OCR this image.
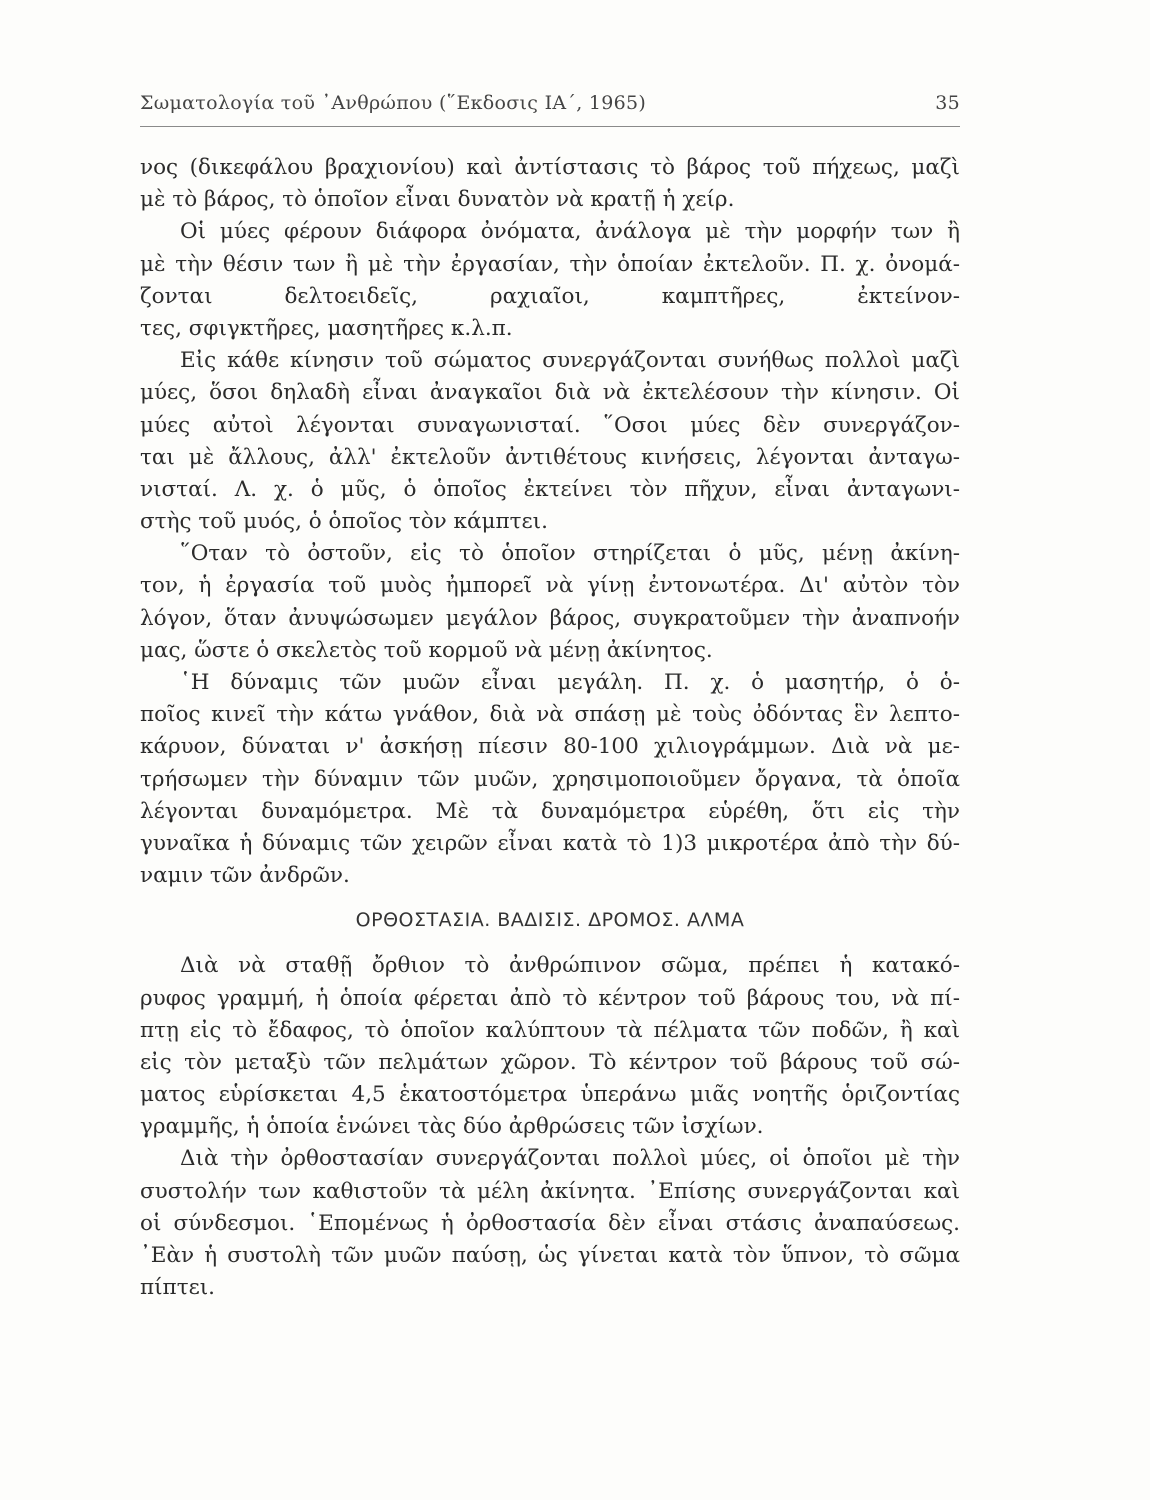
Σωματολογία τοῦ ᾿Ανθρώπου (῞Εκδοσις ΙΑ΄, 1965)	35
νος (δικεφάλου βραχιονίου) καὶ ἀντίστασις τὸ βάρος τοῦ πήχεως, μαζὶ
μὲ τὸ βάρος, τὸ ὁποῖον εἶναι δυνατὸν νὰ κρατῇ ἡ χείρ.
Οἱ μύες φέρουν διάφορα ὀνόματα, ἀνάλογα μὲ τὴν μορφήν των ἢ
μὲ τὴν θέσιν των ἢ μὲ τὴν ἐργασίαν, τὴν ὁποίαν ἐκτελοῦν. Π. χ. ὀνομά-
ζονται δελτοειδεῖς, ραχιαῖοι, καμπτῆρες, ἐκτείνον-
τες, σφιγκτῆρες, μασητῆρες κ.λ.π.
Εἰς κάθε κίνησιν τοῦ σώματος συνεργάζονται συνήθως πολλοὶ μαζὶ
μύες, ὅσοι δηλαδὴ εἶναι ἀναγκαῖοι διὰ νὰ ἐκτελέσουν τὴν κίνησιν. Οἱ
μύες αὐτοὶ λέγονται συναγωνισταί. ῞Οσοι μύες δὲν συνεργάζον-
ται μὲ ἄλλους, ἀλλ' ἐκτελοῦν ἀντιθέτους κινήσεις, λέγονται ἀνταγω-
νισταί. Λ. χ. ὁ μῦς, ὁ ὁποῖος ἐκτείνει τὸν πῆχυν, εἶναι ἀνταγωνι-
στὴς τοῦ μυός, ὁ ὁποῖος τὸν κάμπτει.
῞Οταν τὸ ὀστοῦν, εἰς τὸ ὁποῖον στηρίζεται ὁ μῦς, μένῃ ἀκίνη-
τον, ἡ ἐργασία τοῦ μυὸς ἠμπορεῖ νὰ γίνῃ ἐντονωτέρα. Δι' αὐτὸν τὸν
λόγον, ὅταν ἀνυψώσωμεν μεγάλον βάρος, συγκρατοῦμεν τὴν ἀναπνοήν
μας, ὥστε ὁ σκελετὸς τοῦ κορμοῦ νὰ μένῃ ἀκίνητος.
῾Η δύναμις τῶν μυῶν εἶναι μεγάλη. Π. χ. ὁ μασητήρ, ὁ ὁ-
ποῖος κινεῖ τὴν κάτω γνάθον, διὰ νὰ σπάσῃ μὲ τοὺς ὀδόντας ἓν λεπτο-
κάρυον, δύναται ν' ἀσκήσῃ πίεσιν 80-100 χιλιογράμμων. Διὰ νὰ με-
τρήσωμεν τὴν δύναμιν τῶν μυῶν, χρησιμοποιοῦμεν ὄργανα, τὰ ὁποῖα
λέγονται δυναμόμετρα. Μὲ τὰ δυναμόμετρα εὑρέθη, ὅτι εἰς τὴν
γυναῖκα ἡ δύναμις τῶν χειρῶν εἶναι κατὰ τὸ 1)3 μικροτέρα ἀπὸ τὴν δύ-
ναμιν τῶν ἀνδρῶν.
ΟΡΘΟΣΤΑΣΙΑ. ΒΑΔΙΣΙΣ. ΔΡΟΜΟΣ. ΑΛΜΑ
Διὰ νὰ σταθῇ ὄρθιον τὸ ἀνθρώπινον σῶμα, πρέπει ἡ κατακό-
ρυφος γραμμή, ἡ ὁποία φέρεται ἀπὸ τὸ κέντρον τοῦ βάρους του, νὰ πί-
πτῃ εἰς τὸ ἔδαφος, τὸ ὁποῖον καλύπτουν τὰ πέλματα τῶν ποδῶν, ἢ καὶ
εἰς τὸν μεταξὺ τῶν πελμάτων χῶρον. Τὸ κέντρον τοῦ βάρους τοῦ σώ-
ματος εὑρίσκεται 4,5 ἑκατοστόμετρα ὑπεράνω μιᾶς νοητῆς ὁριζοντίας
γραμμῆς, ἡ ὁποία ἑνώνει τὰς δύο ἀρθρώσεις τῶν ἰσχίων.
Διὰ τὴν ὀρθοστασίαν συνεργάζονται πολλοὶ μύες, οἱ ὁποῖοι μὲ τὴν
συστολήν των καθιστοῦν τὰ μέλη ἀκίνητα. ᾿Επίσης συνεργάζονται καὶ
οἱ σύνδεσμοι. ῾Επομένως ἡ ὀρθοστασία δὲν εἶναι στάσις ἀναπαύσεως.
᾿Εὰν ἡ συστολὴ τῶν μυῶν παύσῃ, ὡς γίνεται κατὰ τὸν ὕπνον, τὸ σῶμα
πίπτει.
